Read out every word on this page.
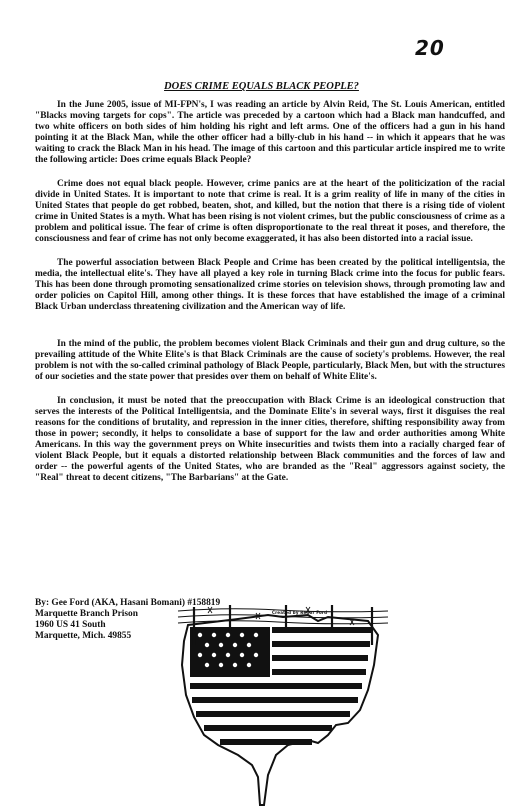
20
DOES CRIME EQUALS BLACK PEOPLE?

In the June 2005, issue of MI-FPN's, I was reading an article by Alvin Reid, The St. Louis American, entitled "Blacks moving targets for cops". The article was preceded by a cartoon which had a Black man handcuffed, and two white officers on both sides of him holding his right and left arms. One of the officers had a gun in his hand pointing it at the Black Man, while the other officer had a billy-club in his hand -- in which it appears that he was waiting to crack the Black Man in his head. The image of this cartoon and this particular article inspired me to write the following article: Does crime equals Black People?

Crime does not equal black people. However, crime panics are at the heart of the politicization of the racial divide in United States. It is important to note that crime is real. It is a grim reality of life in many of the cities in United States that people do get robbed, beaten, shot, and killed, but the notion that there is a rising tide of violent crime in United States is a myth. What has been rising is not violent crimes, but the public consciousness of crime as a problem and political issue. The fear of crime is often disproportionate to the real threat it poses, and therefore, the consciousness and fear of crime has not only become exaggerated, it has also been distorted into a racial issue.

The powerful association between Black People and Crime has been created by the political intelligentsia, the media, the intellectual elite's. They have all played a key role in turning Black crime into the focus for public fears. This has been done through promoting sensationalized crime stories on television shows, through promoting law and order policies on Capitol Hill, among other things. It is these forces that have established the image of a criminal Black Urban underclass threatening civilization and the American way of life.

In the mind of the public, the problem becomes violent Black Criminals and their gun and drug culture, so the prevailing attitude of the White Elite's is that Black Criminals are the cause of society's problems. However, the real problem is not with the so-called criminal pathology of Black People, particularly, Black Men, but with the structures of our societies and the state power that presides over them on behalf of White Elite's.

In conclusion, it must be noted that the preoccupation with Black Crime is an ideological construction that serves the interests of the Political Intelligentsia, and the Dominate Elite's in several ways, first it disguises the real reasons for the conditions of brutality, and repression in the inner cities, therefore, shifting responsibility away from those in power; secondly, it helps to consolidate a base of support for the law and order authorities among White Americans. In this way the government preys on White insecurities and twists them into a racially charged fear of violent Black People, but it equals a distorted relationship between Black communities and the forces of law and order -- the powerful agents of the United States, who are branded as the "Real" aggressors against society, the "Real" threat to decent citizens, "The Barbarians" at the Gate.

By: Gee Ford (AKA, Hasani Bomani) #158819
Marquette Branch Prison
1960 US 41 South
Marquette, Mich. 49855
Created by Renor Ford
